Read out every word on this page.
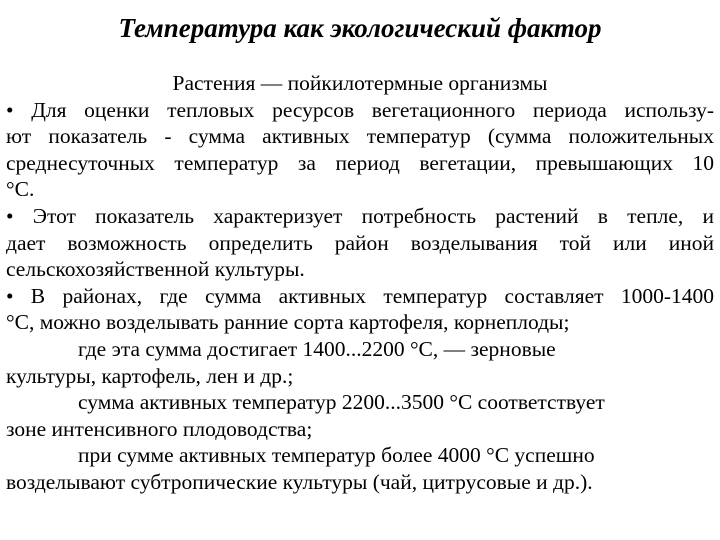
Температура как экологический фактор
Растения — пойкилотермные организмы
• Для оценки тепловых ресурсов вегетационного периода использу-
ют показатель - сумма активных температур (сумма положительных
среднесуточных температур за период вегетации, превышающих 10
°С.
• Этот показатель характеризует потребность растений в тепле, и
дает возможность определить район возделывания той или иной
сельскохозяйственной культуры.
• В районах, где сумма активных температур составляет 1000-1400
°С, можно возделывать ранние сорта картофеля, корнеплоды;
где эта сумма достигает 1400...2200 °С, — зерновые
культуры, картофель, лен и др.;
сумма активных температур 2200...3500 °С соответствует
зоне интенсивного плодоводства;
при сумме активных температур более 4000 °С успешно
возделывают субтропические культуры (чай, цитрусовые и др.).
